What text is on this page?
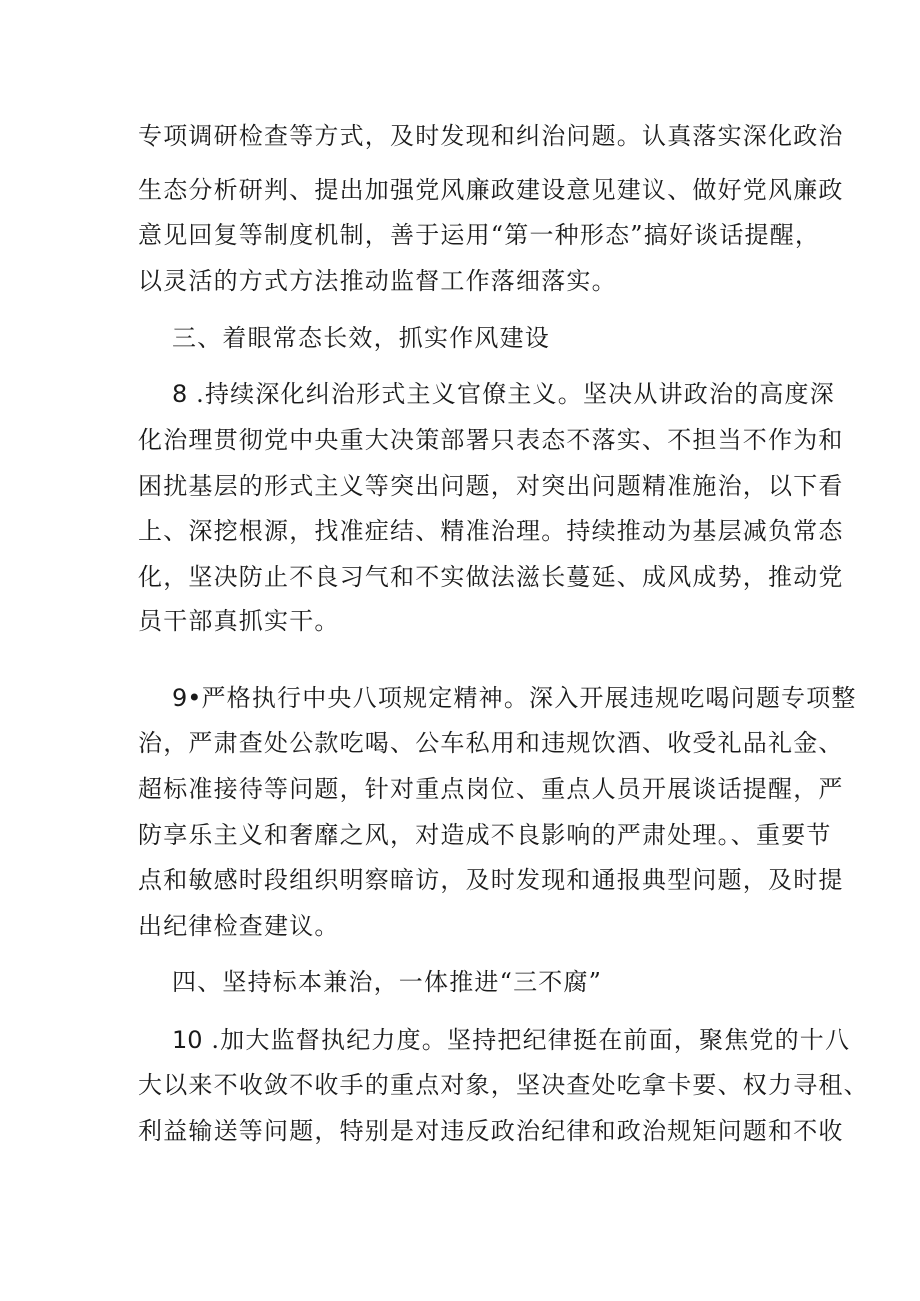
专项调研检查等方式，及时发现和纠治问题。认真落实深化政治
生态分析研判、提出加强党风廉政建设意见建议、做好党风廉政
意见回复等制度机制，善于运用“第一种形态”搞好谈话提醒，
以灵活的方式方法推动监督工作落细落实。
三、着眼常态长效，抓实作风建设
8 .持续深化纠治形式主义官僚主义。坚决从讲政治的高度深
化治理贯彻党中央重大决策部署只表态不落实、不担当不作为和
困扰基层的形式主义等突出问题，对突出问题精准施治，以下看
上、深挖根源，找准症结、精准治理。持续推动为基层减负常态
化，坚决防止不良习气和不实做法滋长蔓延、成风成势，推动党
员干部真抓实干。
9•严格执行中央八项规定精神。深入开展违规吃喝问题专项整
治，严肃查处公款吃喝、公车私用和违规饮酒、收受礼品礼金、
超标准接待等问题，针对重点岗位、重点人员开展谈话提醒，严
防享乐主义和奢靡之风，对造成不良影响的严肃处理。、重要节
点和敏感时段组织明察暗访，及时发现和通报典型问题，及时提
出纪律检查建议。
四、坚持标本兼治，一体推进“三不腐”
10 .加大监督执纪力度。坚持把纪律挺在前面，聚焦党的十八
大以来不收敛不收手的重点对象，坚决查处吃拿卡要、权力寻租、
利益输送等问题，特别是对违反政治纪律和政治规矩问题和不收
